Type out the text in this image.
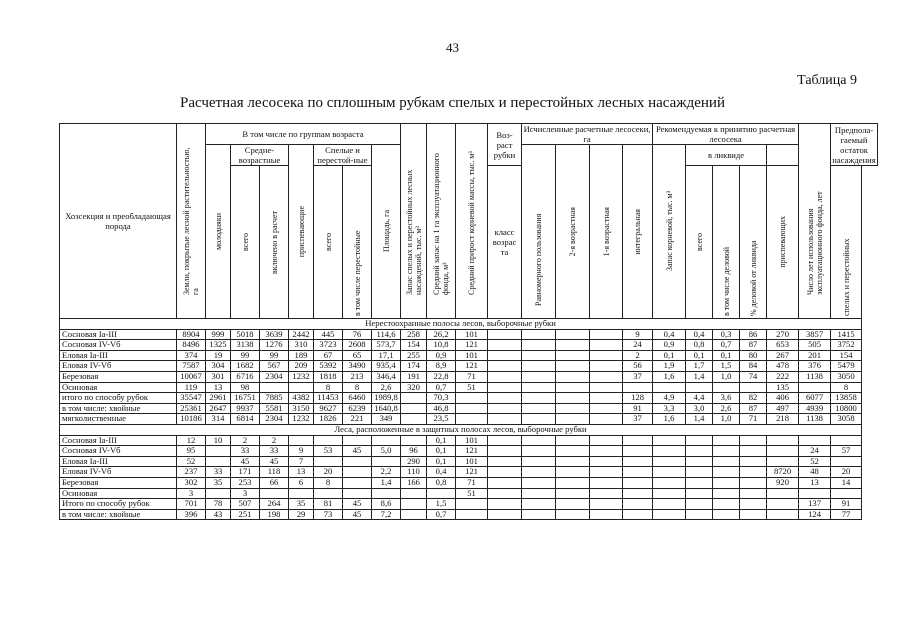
43
Таблица 9
Расчетная лесосека по сплошным рубкам спелых и перестойных лесных насаждений
Хозсекция и преобладающая порода	Земли, покрытые лесной растительностью, га	В том числе по группам возраста							Запас спелых и перестойных лесных насаждений, тыс. м³	Средний запас на 1 га эксплуатационного фонда, м³	Средний прирост корневой массы, тыс. м³	Воз-раст рубки	Исчисленные расчетные лесосеки, га				Рекомендуемая к принятию расчетная лесосека					Число лет использования эксплуатационного фонда, лет	Предпола-гаемый остаток насаждения

		молодняки	Средне-возрастные		приспевающие	Спелые и перестой-ные		Площадь, га									Запас корневой, тыс. м³	в ликвиде					

													Равномерного пользования	2-я возрастная	1-я возрастная	интегральная							

			всего	включено в расчет		всего	в том числе перестойные					класс возрас та						всего	в том числе деловой	% деловой от ликвида	приспевающих		спелых и перестойных

Нерестоохранные полосы лесов, выборочные рубки																							
Сосновая Iа-III	8904	999	5018	3639	2442	445	76	114,6	258	26,2	101					9	0,4	0,4	0,3	86	270	3857	1415
Сосновая IV-Vб	8496	1325	3138	1276	310	3723	2608	573,7	154	10,8	121					24	0,9	0,8	0,7	87	653	505	3752
Еловая Iа-III	374	19	99	99	189	67	65	17,1	255	0,9	101					2	0,1	0,1	0,1	80	267	201	154
Еловая IV-Vб	7587	304	1682	567	209	5392	3490	935,4	174	8,9	121					56	1,9	1,7	1,5	84	478	376	5479
Березовая	10067	301	6716	2304	1232	1818	213	346,4	191	22,8	71					37	1,6	1,4	1,0	74	222	1138	3050
Осиновая	119	13	98			8	8	2,6	320	0,7	51										135		8
итого по способу рубок	35547	2961	16751	7885	4382	11453	6460	1989,8		70,3						128	4,9	4,4	3,6	82	406	6077	13858
в том числе: хвойные	25361	2647	9937	5581	3150	9627	6239	1640,8		46,8						91	3,3	3,0	2,6	87	497	4939	10800
мягколиственные	10186	314	6814	2304	1232	1826	221	349		23,5						37	1,6	1,4	1,0	71	218	1138	3058
Леса, расположенные в защитных полосах лесов, выборочные рубки																							
Сосновая Iа-III	12	10	2	2						0,1	101												
Сосновая IV-Vб	95		33	33	9	53	45	5,0	96	0,1	121											24	57
Еловая Iа-III	52		45	45	7				290	0,1	101											52	
Еловая IV-Vб	237	33	171	118	13	20		2,2	110	0,4	121										8720	48	20
Березовая	302	35	253	66	6	8		1,4	166	0,8	71										920	13	14
Осиновая	3		3								51												
Итого по способу рубок	701	78	507	264	35	81	45	8,6		1,5												137	91
в том числе: хвойные	396	43	251	198	29	73	45	7,2		0,7												124	77
